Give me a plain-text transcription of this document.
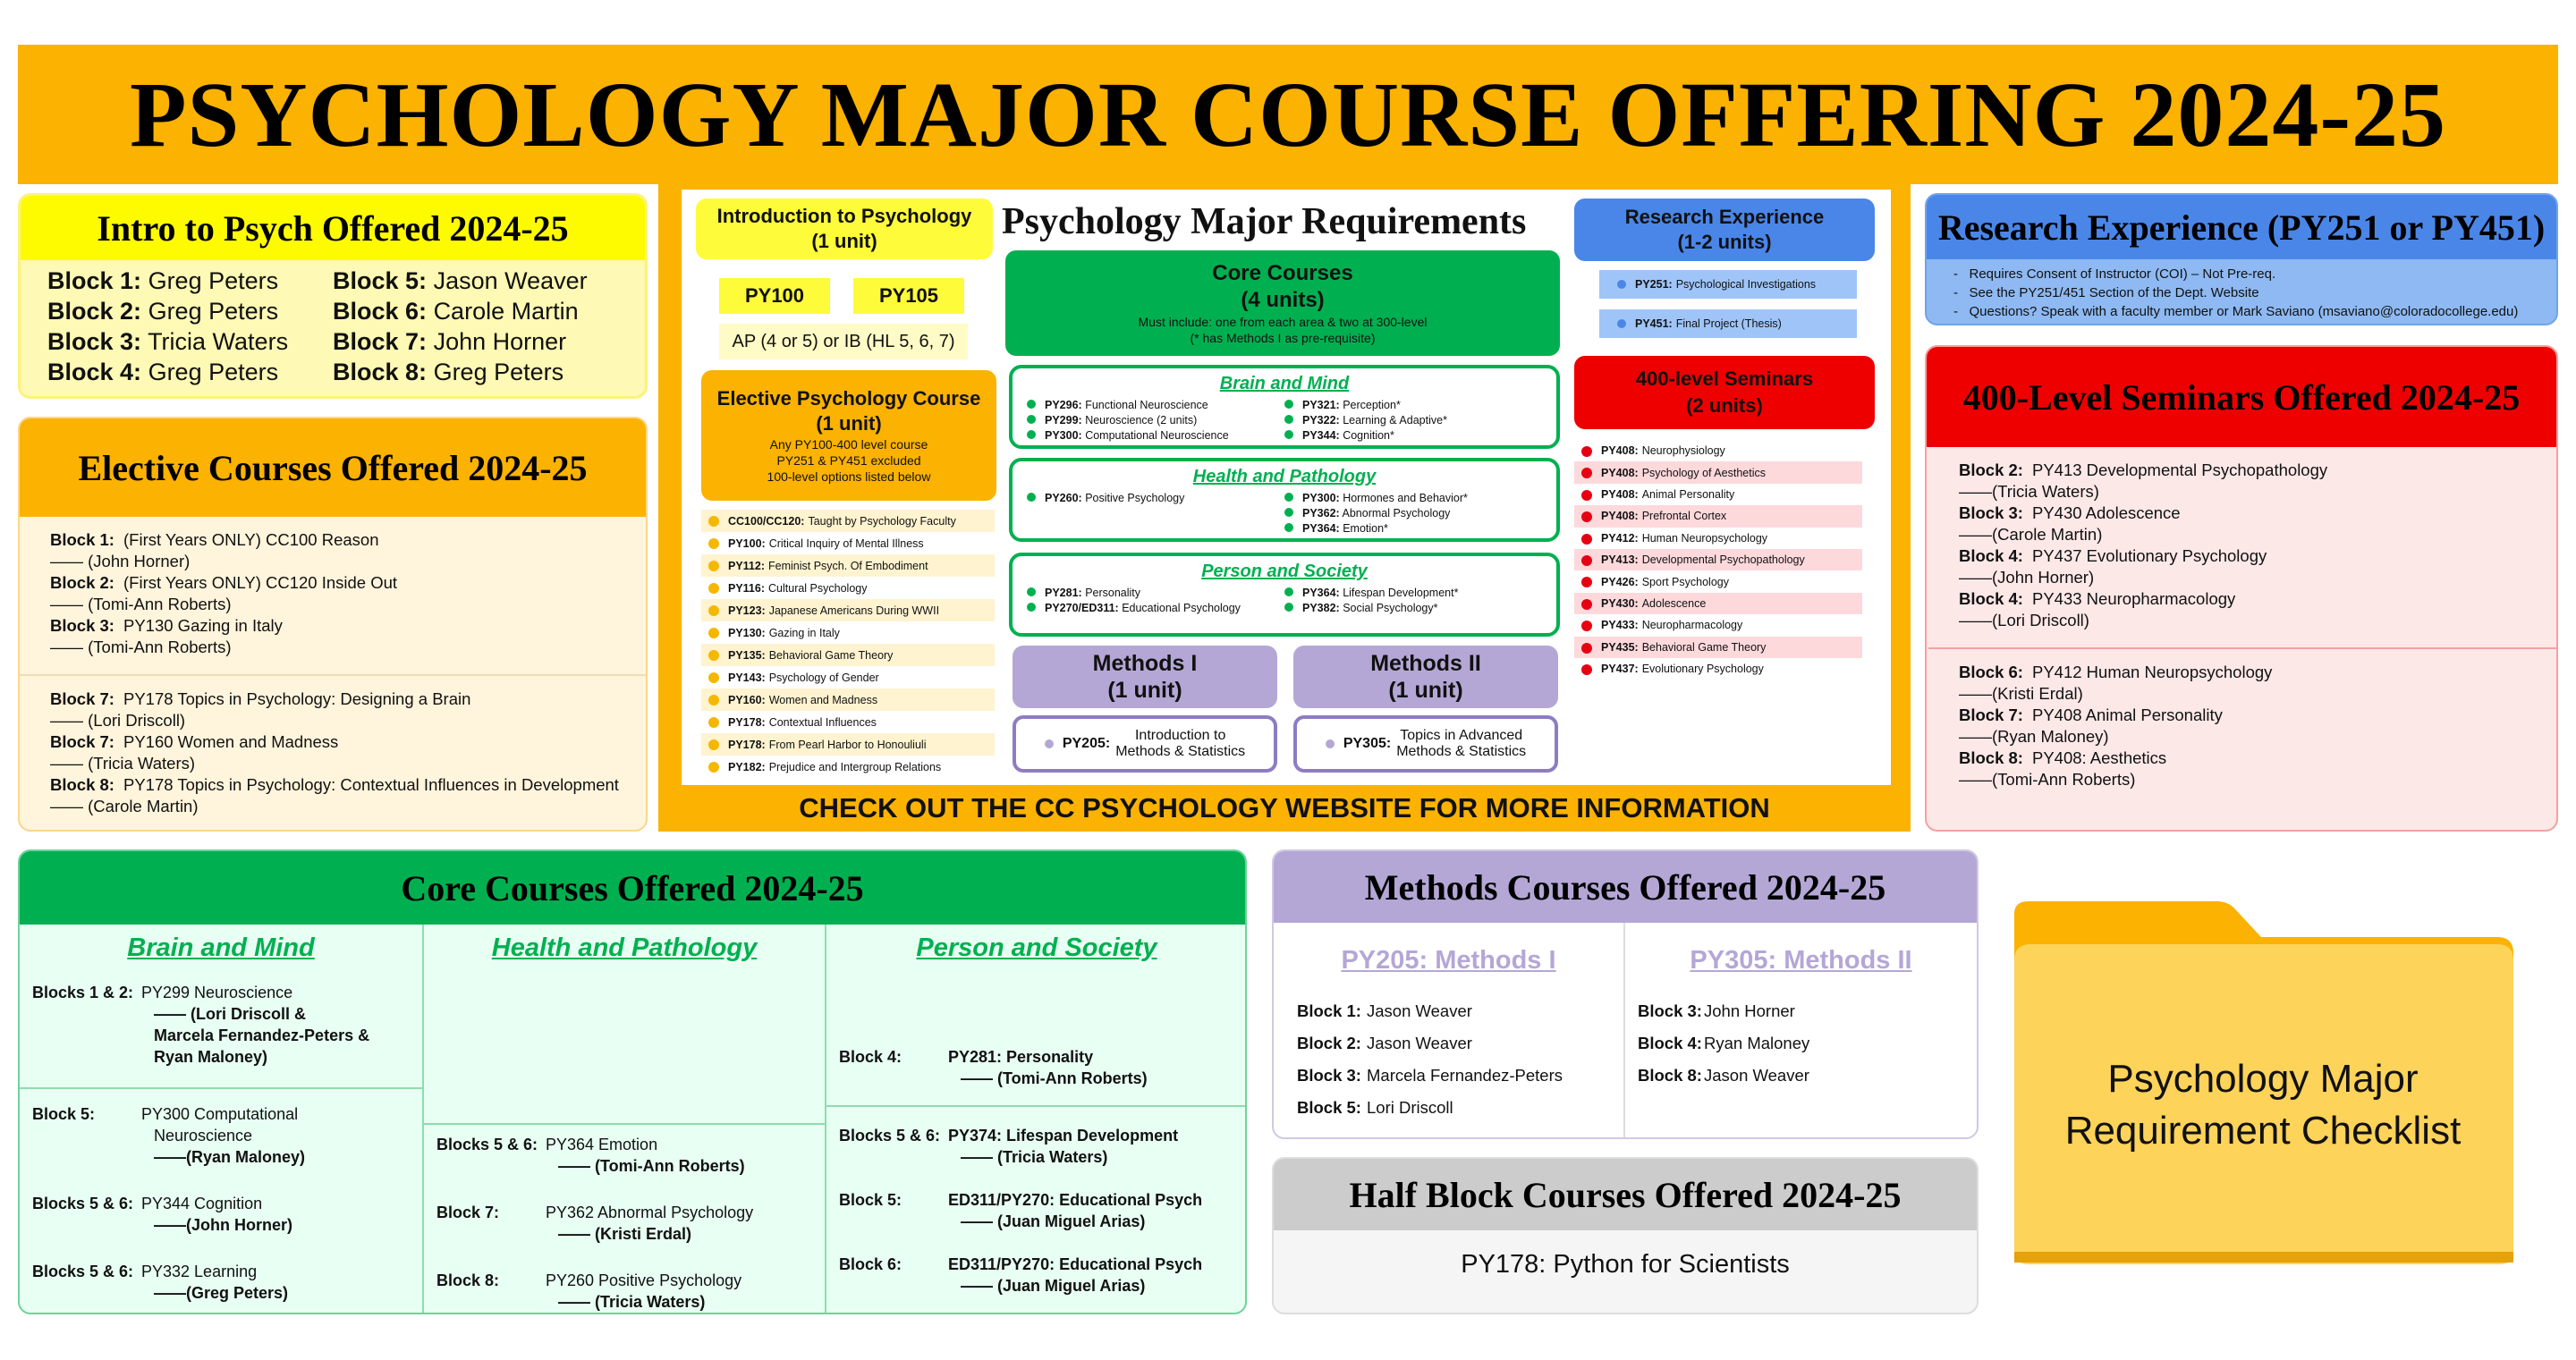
PSYCHOLOGY MAJOR COURSE OFFERING 2024-25
Intro to Psych Offered 2024-25
Block 1: Greg Peters	Block 5: Jason Weaver
Block 2: Greg Peters	Block 6: Carole Martin
Block 3: Tricia Waters	Block 7: John Horner
Block 4: Greg Peters	Block 8: Greg Peters
Elective Courses Offered 2024-25
Block 1: (First Years ONLY) CC100 Reason
—— (John Horner)
Block 2: (First Years ONLY) CC120 Inside Out
—— (Tomi-Ann Roberts)
Block 3: PY130 Gazing in Italy
—— (Tomi-Ann Roberts)
Block 7: PY178 Topics in Psychology: Designing a Brain
—— (Lori Driscoll)
Block 7: PY160 Women and Madness
—— (Tricia Waters)
Block 8: PY178 Topics in Psychology: Contextual Influences in Development
—— (Carole Martin)
Psychology Major Requirements
Introduction to Psychology
(1 unit)
PY100	PY105
AP (4 or 5) or IB (HL 5, 6, 7)
Elective Psychology Course
(1 unit)
Any PY100-400 level course
PY251 & PY451 excluded
100-level options listed below
CC100/CC120: Taught by Psychology Faculty
PY100: Critical Inquiry of Mental Illness
PY112: Feminist Psych. Of Embodiment
PY116: Cultural Psychology
PY123: Japanese Americans During WWII
PY130: Gazing in Italy
PY135: Behavioral Game Theory
PY143: Psychology of Gender
PY160: Women and Madness
PY178: Contextual Influences
PY178: From Pearl Harbor to Honouliuli
PY182: Prejudice and Intergroup Relations
Core Courses
(4 units)
Must include: one from each area & two at 300-level
(* has Methods I as pre-requisite)
Brain and Mind
PY296: Functional Neuroscience
PY299: Neuroscience (2 units)
PY300: Computational Neuroscience
PY321: Perception*
PY322: Learning & Adaptive*
PY344: Cognition*
Health and Pathology
PY260: Positive Psychology	PY300: Hormones and Behavior*
PY362: Abnormal Psychology
PY364: Emotion*
Person and Society
PY281: Personality
PY270/ED311: Educational Psychology
PY364: Lifespan Development*
PY382: Social Psychology*
Methods I
(1 unit)
Methods II
(1 unit)
PY205:
Introduction to
Methods & Statistics
PY305:
Topics in Advanced
Methods & Statistics
Research Experience
(1-2 units)
PY251: Psychological Investigations
PY451: Final Project (Thesis)
400-level Seminars
(2 units)
PY408: Neurophysiology
PY408: Psychology of Aesthetics
PY408: Animal Personality
PY408: Prefrontal Cortex
PY412: Human Neuropsychology
PY413: Developmental Psychopathology
PY426: Sport Psychology
PY430: Adolescence
PY433: Neuropharmacology
PY435: Behavioral Game Theory
PY437: Evolutionary Psychology
CHECK OUT THE CC PSYCHOLOGY WEBSITE FOR MORE INFORMATION
Research Experience (PY251 or PY451)
-   Requires Consent of Instructor (COI) – Not Pre-req.
-   See the PY251/451 Section of the Dept. Website
-   Questions? Speak with a faculty member or Mark Saviano (msaviano@coloradocollege.edu)
400-Level Seminars Offered 2024-25
Block 2: PY413 Developmental Psychopathology
——(Tricia Waters)
Block 3: PY430 Adolescence
——(Carole Martin)
Block 4: PY437 Evolutionary Psychology
——(John Horner)
Block 4: PY433 Neuropharmacology
——(Lori Driscoll)
Block 6: PY412 Human Neuropsychology
——(Kristi Erdal)
Block 7: PY408 Animal Personality
——(Ryan Maloney)
Block 8: PY408: Aesthetics
——(Tomi-Ann Roberts)
Core Courses Offered 2024-25
Brain and Mind
Blocks 1 & 2: PY299 Neuroscience
—— (Lori Driscoll &
Marcela Fernandez-Peters &
Ryan Maloney)
Block 5:	PY300 Computational
Neuroscience
——(Ryan Maloney)
Blocks 5 & 6: PY344 Cognition
——(John Horner)
Blocks 5 & 6: PY332 Learning
——(Greg Peters)
Health and Pathology
Blocks 5 & 6: PY364 Emotion
—— (Tomi-Ann Roberts)
Block 7:	PY362 Abnormal Psychology
—— (Kristi Erdal)
Block 8:	PY260 Positive Psychology
—— (Tricia Waters)
Person and Society
Block 4:	PY281: Personality
—— (Tomi-Ann Roberts)
Blocks 5 & 6: PY374: Lifespan Development
—— (Tricia Waters)
Block 5:	ED311/PY270: Educational Psych
—— (Juan Miguel Arias)
Block 6:	ED311/PY270: Educational Psych
—— (Juan Miguel Arias)
Methods Courses Offered 2024-25
PY205: Methods I
Block 1: Jason Weaver
Block 2: Jason Weaver
Block 3: Marcela Fernandez-Peters
Block 5: Lori Driscoll
PY305: Methods II
Block 3: John Horner
Block 4: Ryan Maloney
Block 8: Jason Weaver
Half Block Courses Offered 2024-25
PY178: Python for Scientists
Psychology Major
Requirement Checklist
